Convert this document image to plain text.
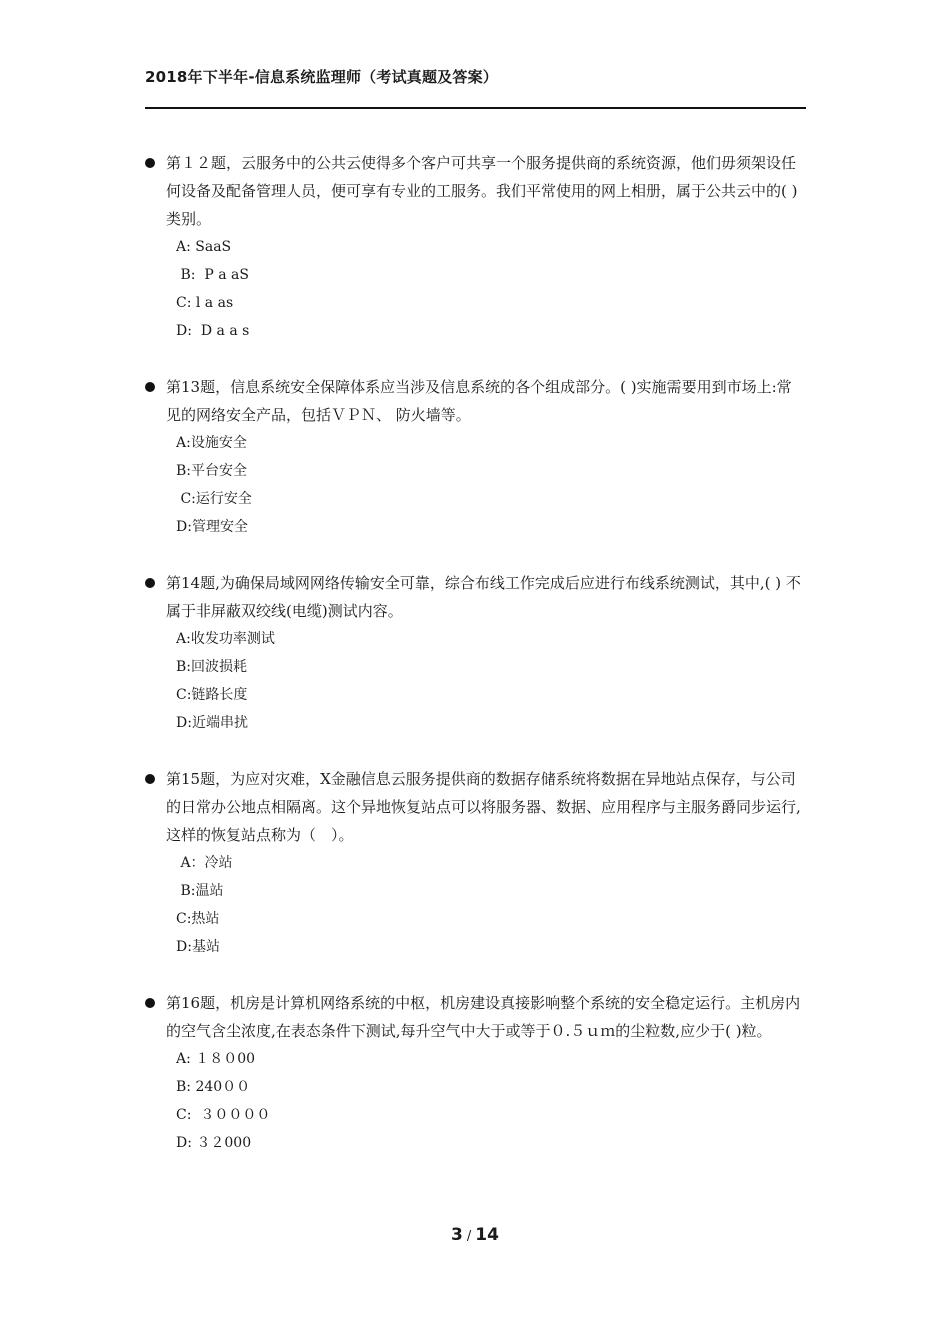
2018年下半年-信息系统监理师（考试真题及答案）
第１２题，云服务中的公共云使得多个客户可共享一个服务提供商的系统资源，他们毋须架设任何设备及配备管理人员，便可享有专业的工服务。我们平常使用的网上相册，属于公共云中的( )类别。
A: SaaS
B:  P a aS
C: l a as
D:  D a a s
第13题，信息系统安全保障体系应当涉及信息系统的各个组成部分。( )实施需要用到市场上:常见的网络安全产品，包括ＶＰＮ、 防火墙等。
A:设施安全
B:平台安全
C:运行安全
D:管理安全
第14题,为确保局域网网络传输安全可靠，综合布线工作完成后应进行布线系统测试，其中,( ) 不属于非屏蔽双绞线(电缆)测试内容。
A:收发功率测试
B:回波损耗
C:链路长度
D:近端串扰
第15题，为应对灾难，X金融信息云服务提供商的数据存储系统将数据在异地站点保存，与公司的日常办公地点相隔离。这个异地恢复站点可以将服务器、数据、应用程序与主服务爵同步运行,这样的恢复站点称为（　）。
A：冷站
B:温站
C:热站
D:基站
第16题，机房是计算机网络系统的中枢，机房建设真接影响整个系统的安全稳定运行。主机房内的空气含尘浓度,在表态条件下测试,每升空气中大于或等于０.５ｕｍ的尘粒数,应少于( )粒。
A: １８０00
B: 240００
C:  ３００００
D: ３２000
3 / 14
